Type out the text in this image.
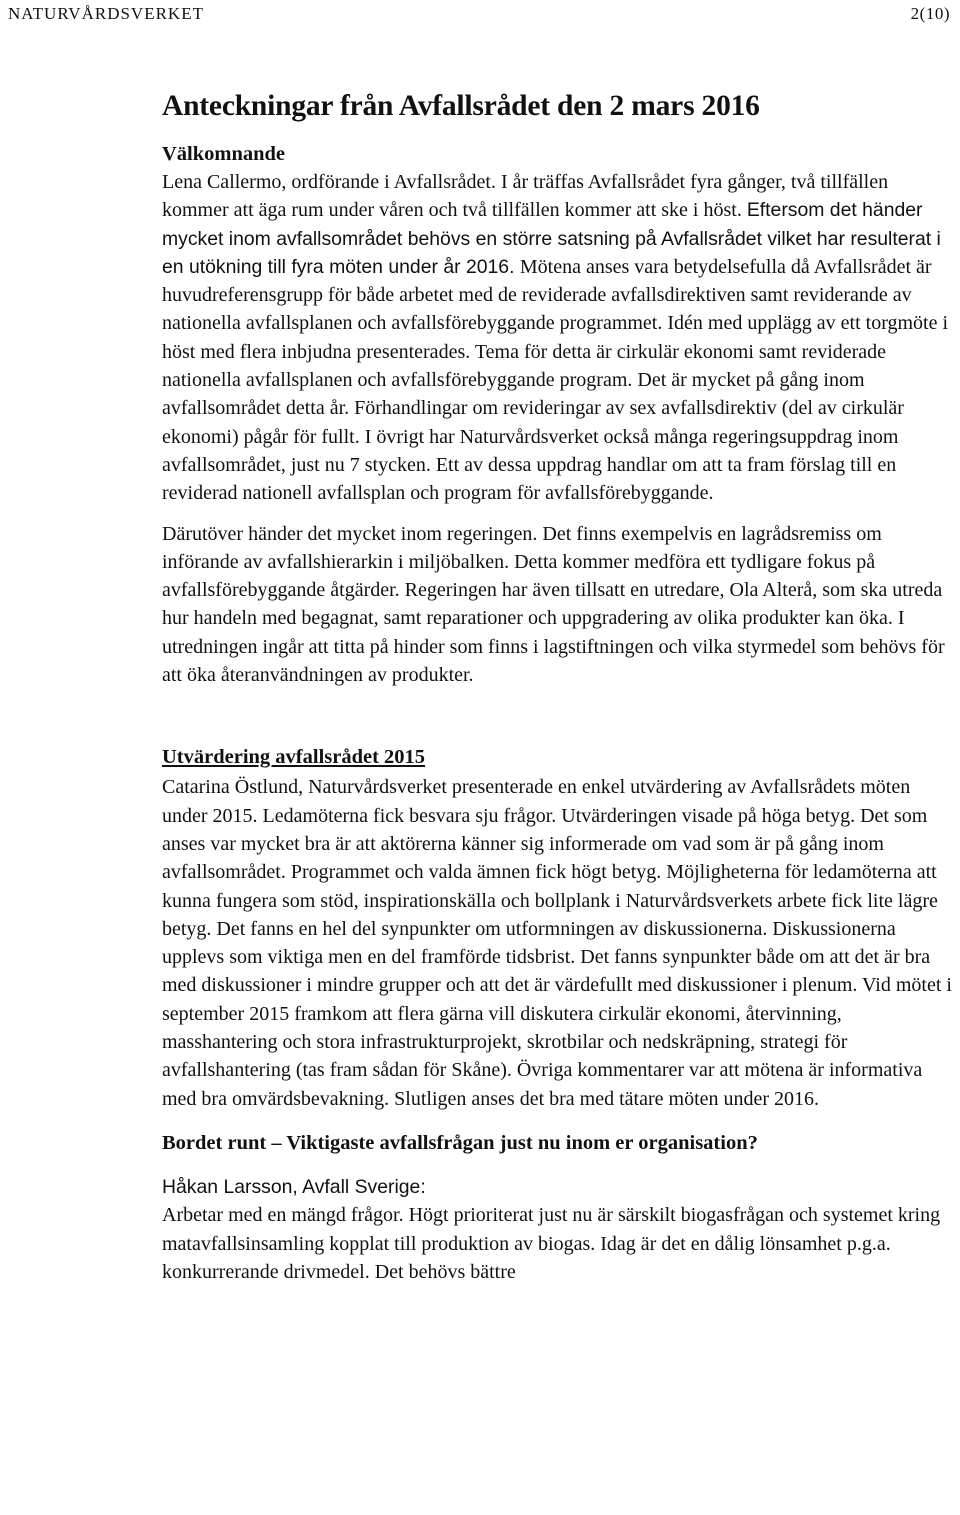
NATURVÅRDSVERKET	2(10)
Anteckningar från Avfallsrådet den 2 mars 2016
Välkomnande

Lena Callermo, ordförande i Avfallsrådet. I år träffas Avfallsrådet fyra gånger, två tillfällen kommer att äga rum under våren och två tillfällen kommer att ske i höst. Eftersom det händer mycket inom avfallsområdet behövs en större satsning på Avfallsrådet vilket har resulterat i en utökning till fyra möten under år 2016. Mötena anses vara betydelsefulla då Avfallsrådet är huvudreferensgrupp för både arbetet med de reviderade avfallsdirektiven samt reviderande av nationella avfallsplanen och avfallsförebyggande programmet. Idén med upplägg av ett torgmöte i höst med flera inbjudna presenterades. Tema för detta är cirkulär ekonomi samt reviderade nationella avfallsplanen och avfallsförebyggande program. Det är mycket på gång inom avfallsområdet detta år. Förhandlingar om revideringar av sex avfallsdirektiv (del av cirkulär ekonomi) pågår för fullt. I övrigt har Naturvårdsverket också många regeringsuppdrag inom avfallsområdet, just nu 7 stycken. Ett av dessa uppdrag handlar om att ta fram förslag till en reviderad nationell avfallsplan och program för avfallsförebyggande.

Därutöver händer det mycket inom regeringen. Det finns exempelvis en lagrådsremiss om införande av avfallshierarkin i miljöbalken. Detta kommer medföra ett tydligare fokus på avfallsförebyggande åtgärder. Regeringen har även tillsatt en utredare, Ola Alterå, som ska utreda hur handeln med begagnat, samt reparationer och uppgradering av olika produkter kan öka. I utredningen ingår att titta på hinder som finns i lagstiftningen och vilka styrmedel som behövs för att öka återanvändningen av produkter.

Utvärdering avfallsrådet 2015

Catarina Östlund, Naturvårdsverket presenterade en enkel utvärdering av Avfallsrådets möten under 2015. Ledamöterna fick besvara sju frågor. Utvärderingen visade på höga betyg. Det som anses var mycket bra är att aktörerna känner sig informerade om vad som är på gång inom avfallsområdet. Programmet och valda ämnen fick högt betyg. Möjligheterna för ledamöterna att kunna fungera som stöd, inspirationskälla och bollplank i Naturvårdsverkets arbete fick lite lägre betyg. Det fanns en hel del synpunkter om utformningen av diskussionerna. Diskussionerna upplevs som viktiga men en del framförde tidsbrist. Det fanns synpunkter både om att det är bra med diskussioner i mindre grupper och att det är värdefullt med diskussioner i plenum. Vid mötet i september 2015 framkom att flera gärna vill diskutera cirkulär ekonomi, återvinning, masshantering och stora infrastrukturprojekt, skrotbilar och nedskräpning, strategi för avfallshantering (tas fram sådan för Skåne). Övriga kommentarer var att mötena är informativa med bra omvärdsbevakning. Slutligen anses det bra med tätare möten under 2016.

Bordet runt – Viktigaste avfallsfrågan just nu inom er organisation?

Håkan Larsson, Avfall Sverige:

Arbetar med en mängd frågor. Högt prioriterat just nu är särskilt biogasfrågan och systemet kring matavfallsinsamling kopplat till produktion av biogas. Idag är det en dålig lönsamhet p.g.a. konkurrerande drivmedel. Det behövs bättre
